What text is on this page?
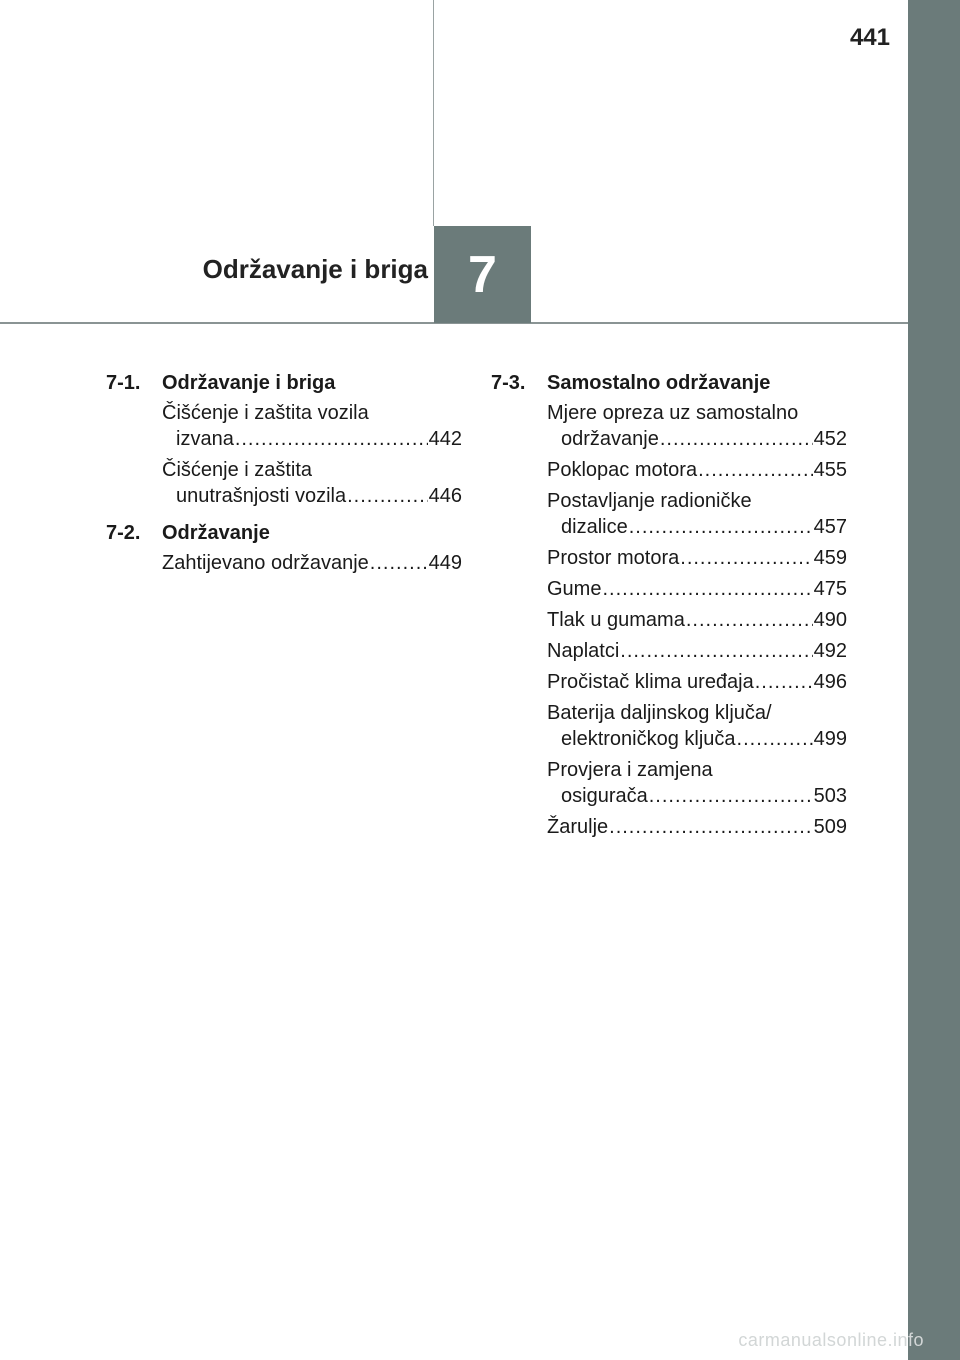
441
Održavanje i briga 7
7-1.	Održavanje i briga
Čišćenje i zaštita vozila
izvana .....	442
Čišćenje i zaštita
unutrašnjosti vozila .....	446
7-2.	Održavanje
Zahtijevano održavanje .....	449
7-3.	Samostalno održavanje
Mjere opreza uz samostalno
održavanje .....	452
Poklopac motora .....	455
Postavljanje radioničke
dizalice .....	457
Prostor motora .....	459
Gume .....	475
Tlak u gumama .....	490
Naplatci .....	492
Pročistač klima uređaja .....	496
Baterija daljinskog ključa/
elektroničkog ključa .....	499
Provjera i zamjena
osigurača .....	503
Žarulje .....	509
carmanualsonline.info
